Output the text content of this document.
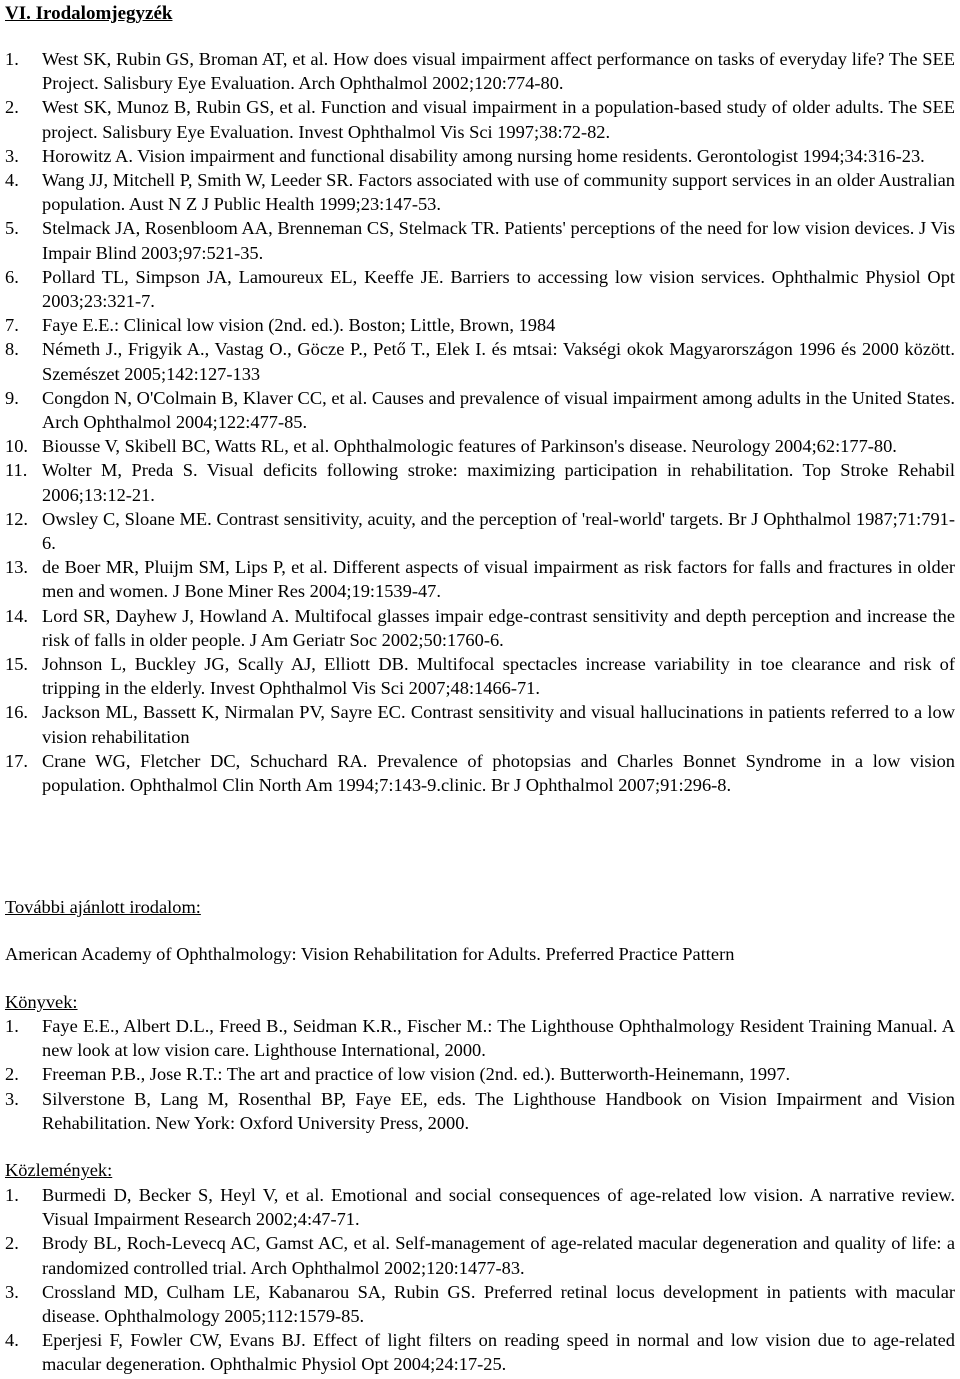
VI. Irodalomjegyzék
1. West SK, Rubin GS, Broman AT, et al. How does visual impairment affect performance on tasks of everyday life? The SEE Project. Salisbury Eye Evaluation. Arch Ophthalmol 2002;120:774-80.
2. West SK, Munoz B, Rubin GS, et al. Function and visual impairment in a population-based study of older adults. The SEE project. Salisbury Eye Evaluation. Invest Ophthalmol Vis Sci 1997;38:72-82.
3. Horowitz A. Vision impairment and functional disability among nursing home residents. Gerontologist 1994;34:316-23.
4. Wang JJ, Mitchell P, Smith W, Leeder SR. Factors associated with use of community support services in an older Australian population. Aust N Z J Public Health 1999;23:147-53.
5. Stelmack JA, Rosenbloom AA, Brenneman CS, Stelmack TR. Patients' perceptions of the need for low vision devices. J Vis Impair Blind 2003;97:521-35.
6. Pollard TL, Simpson JA, Lamoureux EL, Keeffe JE. Barriers to accessing low vision services. Ophthalmic Physiol Opt 2003;23:321-7.
7. Faye E.E.: Clinical low vision (2nd. ed.). Boston; Little, Brown, 1984
8. Németh J., Frigyik A., Vastag O., Göcze P., Pető T., Elek I. és mtsai: Vakségi okok Magyarországon 1996 és 2000 között. Szemészet 2005;142:127-133
9. Congdon N, O'Colmain B, Klaver CC, et al. Causes and prevalence of visual impairment among adults in the United States. Arch Ophthalmol 2004;122:477-85.
10. Biousse V, Skibell BC, Watts RL, et al. Ophthalmologic features of Parkinson's disease. Neurology 2004;62:177-80.
11. Wolter M, Preda S. Visual deficits following stroke: maximizing participation in rehabilitation. Top Stroke Rehabil 2006;13:12-21.
12. Owsley C, Sloane ME. Contrast sensitivity, acuity, and the perception of 'real-world' targets. Br J Ophthalmol 1987;71:791-6.
13. de Boer MR, Pluijm SM, Lips P, et al. Different aspects of visual impairment as risk factors for falls and fractures in older men and women. J Bone Miner Res 2004;19:1539-47.
14. Lord SR, Dayhew J, Howland A. Multifocal glasses impair edge-contrast sensitivity and depth perception and increase the risk of falls in older people. J Am Geriatr Soc 2002;50:1760-6.
15. Johnson L, Buckley JG, Scally AJ, Elliott DB. Multifocal spectacles increase variability in toe clearance and risk of tripping in the elderly. Invest Ophthalmol Vis Sci 2007;48:1466-71.
16. Jackson ML, Bassett K, Nirmalan PV, Sayre EC. Contrast sensitivity and visual hallucinations in patients referred to a low vision rehabilitation
17. Crane WG, Fletcher DC, Schuchard RA. Prevalence of photopsias and Charles Bonnet Syndrome in a low vision population. Ophthalmol Clin North Am 1994;7:143-9.clinic. Br J Ophthalmol 2007;91:296-8.
További ajánlott irodalom:
American Academy of Ophthalmology: Vision Rehabilitation for Adults. Preferred Practice Pattern
Könyvek:
1. Faye E.E., Albert D.L., Freed B., Seidman K.R., Fischer M.: The Lighthouse Ophthalmology Resident Training Manual. A new look at low vision care. Lighthouse International, 2000.
2. Freeman P.B., Jose R.T.: The art and practice of low vision (2nd. ed.). Butterworth-Heinemann, 1997.
3. Silverstone B, Lang M, Rosenthal BP, Faye EE, eds. The Lighthouse Handbook on Vision Impairment and Vision Rehabilitation. New York: Oxford University Press, 2000.
Közlemények:
1. Burmedi D, Becker S, Heyl V, et al. Emotional and social consequences of age-related low vision. A narrative review. Visual Impairment Research 2002;4:47-71.
2. Brody BL, Roch-Levecq AC, Gamst AC, et al. Self-management of age-related macular degeneration and quality of life: a randomized controlled trial. Arch Ophthalmol 2002;120:1477-83.
3. Crossland MD, Culham LE, Kabanarou SA, Rubin GS. Preferred retinal locus development in patients with macular disease. Ophthalmology 2005;112:1579-85.
4. Eperjesi F, Fowler CW, Evans BJ. Effect of light filters on reading speed in normal and low vision due to age-related macular degeneration. Ophthalmic Physiol Opt 2004;24:17-25.
